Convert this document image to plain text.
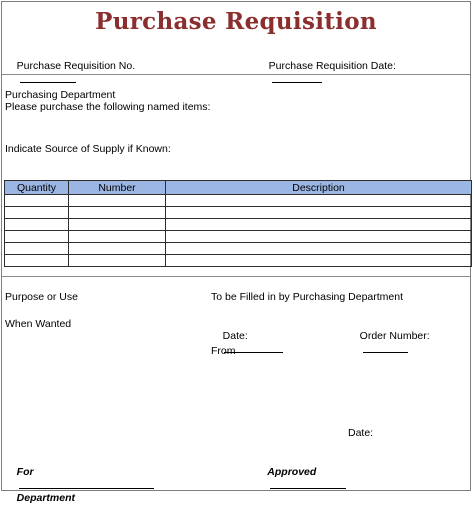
Purchase Requisition

Purchase Requisition No.

	Purchase Requisition Date:

Purchasing Department
Please purchase the following named items:
Indicate Source of Supply if Known:
Quantity	Number	Description

Purpose or Use	To be Filled in by Purchasing Department
When Wanted

Date:

	Order Number:

From
Date:

For

Department

Approved
